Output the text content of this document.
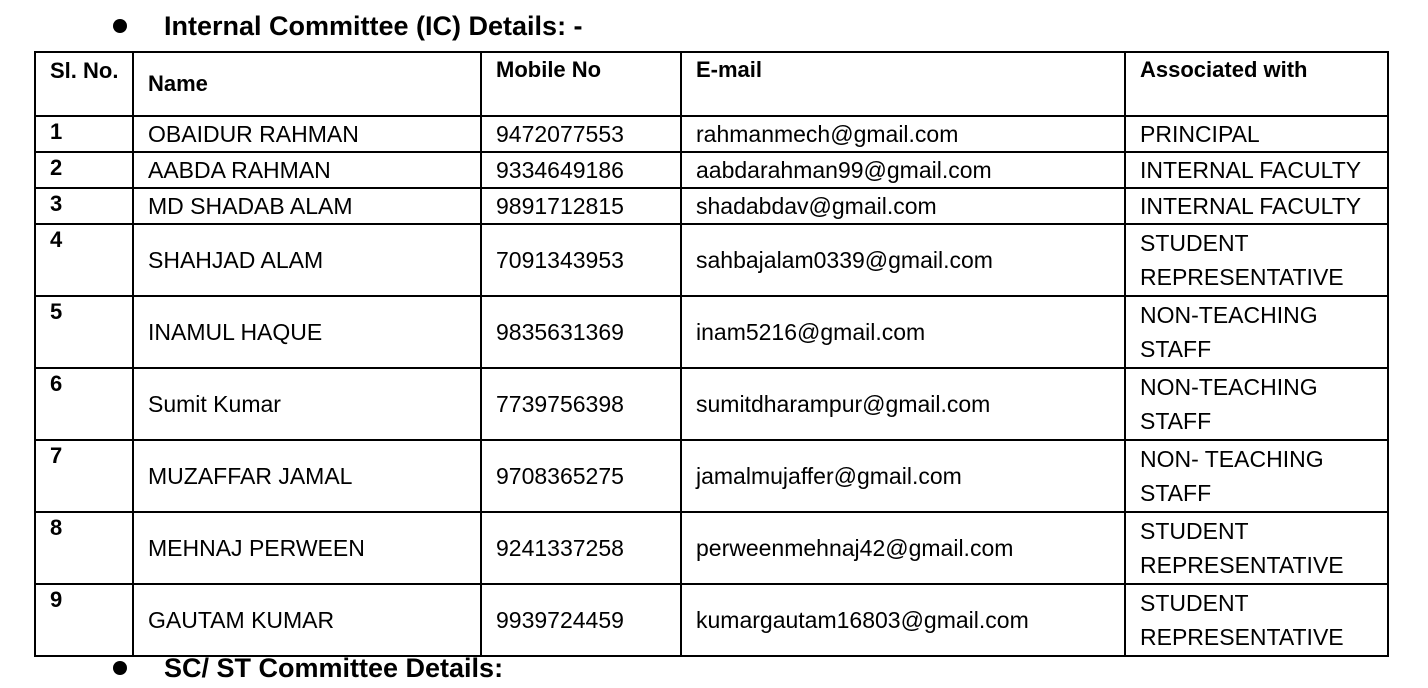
Internal Committee (IC) Details: -
Sl. No.	Name	Mobile No	E-mail	Associated with
1	OBAIDUR RAHMAN	9472077553	rahmanmech@gmail.com	PRINCIPAL
2	AABDA RAHMAN	9334649186	aabdarahman99@gmail.com	INTERNAL FACULTY
3	MD SHADAB ALAM	9891712815	shadabdav@gmail.com	INTERNAL FACULTY
4	SHAHJAD ALAM	7091343953	sahbajalam0339@gmail.com	STUDENT REPRESENTATIVE
5	INAMUL HAQUE	9835631369	inam5216@gmail.com	NON-TEACHING STAFF
6	Sumit Kumar	7739756398	sumitdharampur@gmail.com	NON-TEACHING STAFF
7	MUZAFFAR JAMAL	9708365275	jamalmujaffer@gmail.com	NON- TEACHING STAFF
8	MEHNAJ PERWEEN	9241337258	perweenmehnaj42@gmail.com	STUDENT REPRESENTATIVE
9	GAUTAM KUMAR	9939724459	kumargautam16803@gmail.com	STUDENT REPRESENTATIVE
SC/ ST Committee Details:
